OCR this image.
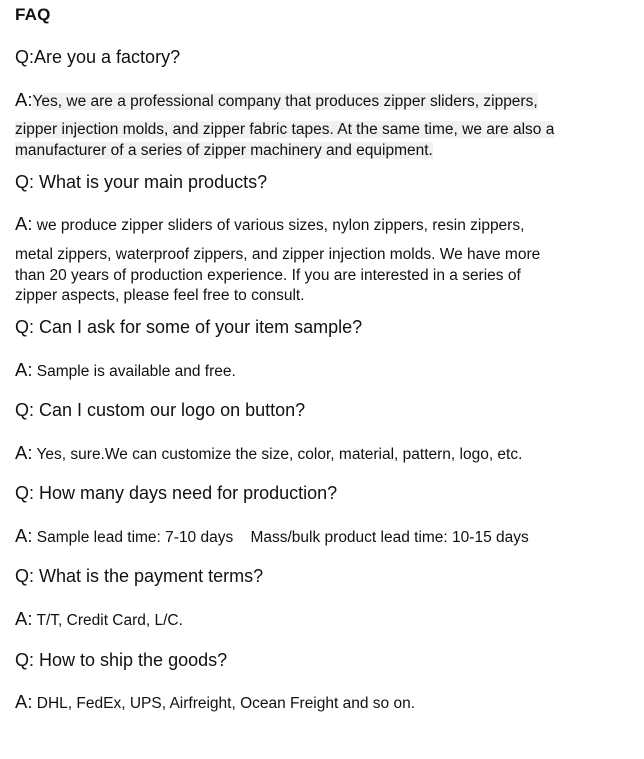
FAQ
Q:Are you a factory?
A:Yes, we are a professional company that produces zipper sliders, zippers,
zipper injection molds, and zipper fabric tapes. At the same time, we are also a
manufacturer of a series of zipper machinery and equipment.
Q: What is your main products?
A: we produce zipper sliders of various sizes, nylon zippers, resin zippers,
metal zippers, waterproof zippers, and zipper injection molds. We have more
than 20 years of production experience. If you are interested in a series of
zipper aspects, please feel free to consult.
Q: Can I ask for some of your item sample?
A: Sample is available and free.
Q: Can I custom our logo on button?
A: Yes, sure.We can customize the size, color, material, pattern, logo, etc.
Q: How many days need for production?
A: Sample lead time: 7-10 days    Mass/bulk product lead time: 10-15 days
Q: What is the payment terms?
A: T/T, Credit Card, L/C.
Q: How to ship the goods?
A: DHL, FedEx, UPS, Airfreight, Ocean Freight and so on.
